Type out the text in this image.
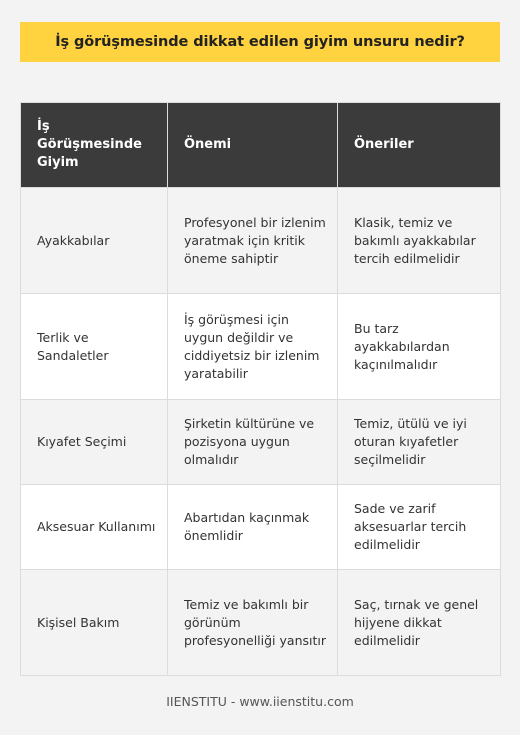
İş görüşmesinde dikkat edilen giyim unsuru nedir?
İş Görüşmesinde Giyim	Önemi	Öneriler
Ayakkabılar	Profesyonel bir izlenim yaratmak için kritik öneme sahiptir	Klasik, temiz ve bakımlı ayakkabılar tercih edilmelidir
Terlik ve Sandaletler	İş görüşmesi için uygun değildir ve ciddiyetsiz bir izlenim yaratabilir	Bu tarz ayakkabılardan kaçınılmalıdır
Kıyafet Seçimi	Şirketin kültürüne ve pozisyona uygun olmalıdır	Temiz, ütülü ve iyi oturan kıyafetler seçilmelidir
Aksesuar Kullanımı	Abartıdan kaçınmak önemlidir	Sade ve zarif aksesuarlar tercih edilmelidir
Kişisel Bakım	Temiz ve bakımlı bir görünüm profesyonelliği yansıtır	Saç, tırnak ve genel hijyene dikkat edilmelidir
IIENSTITU - www.iienstitu.com
